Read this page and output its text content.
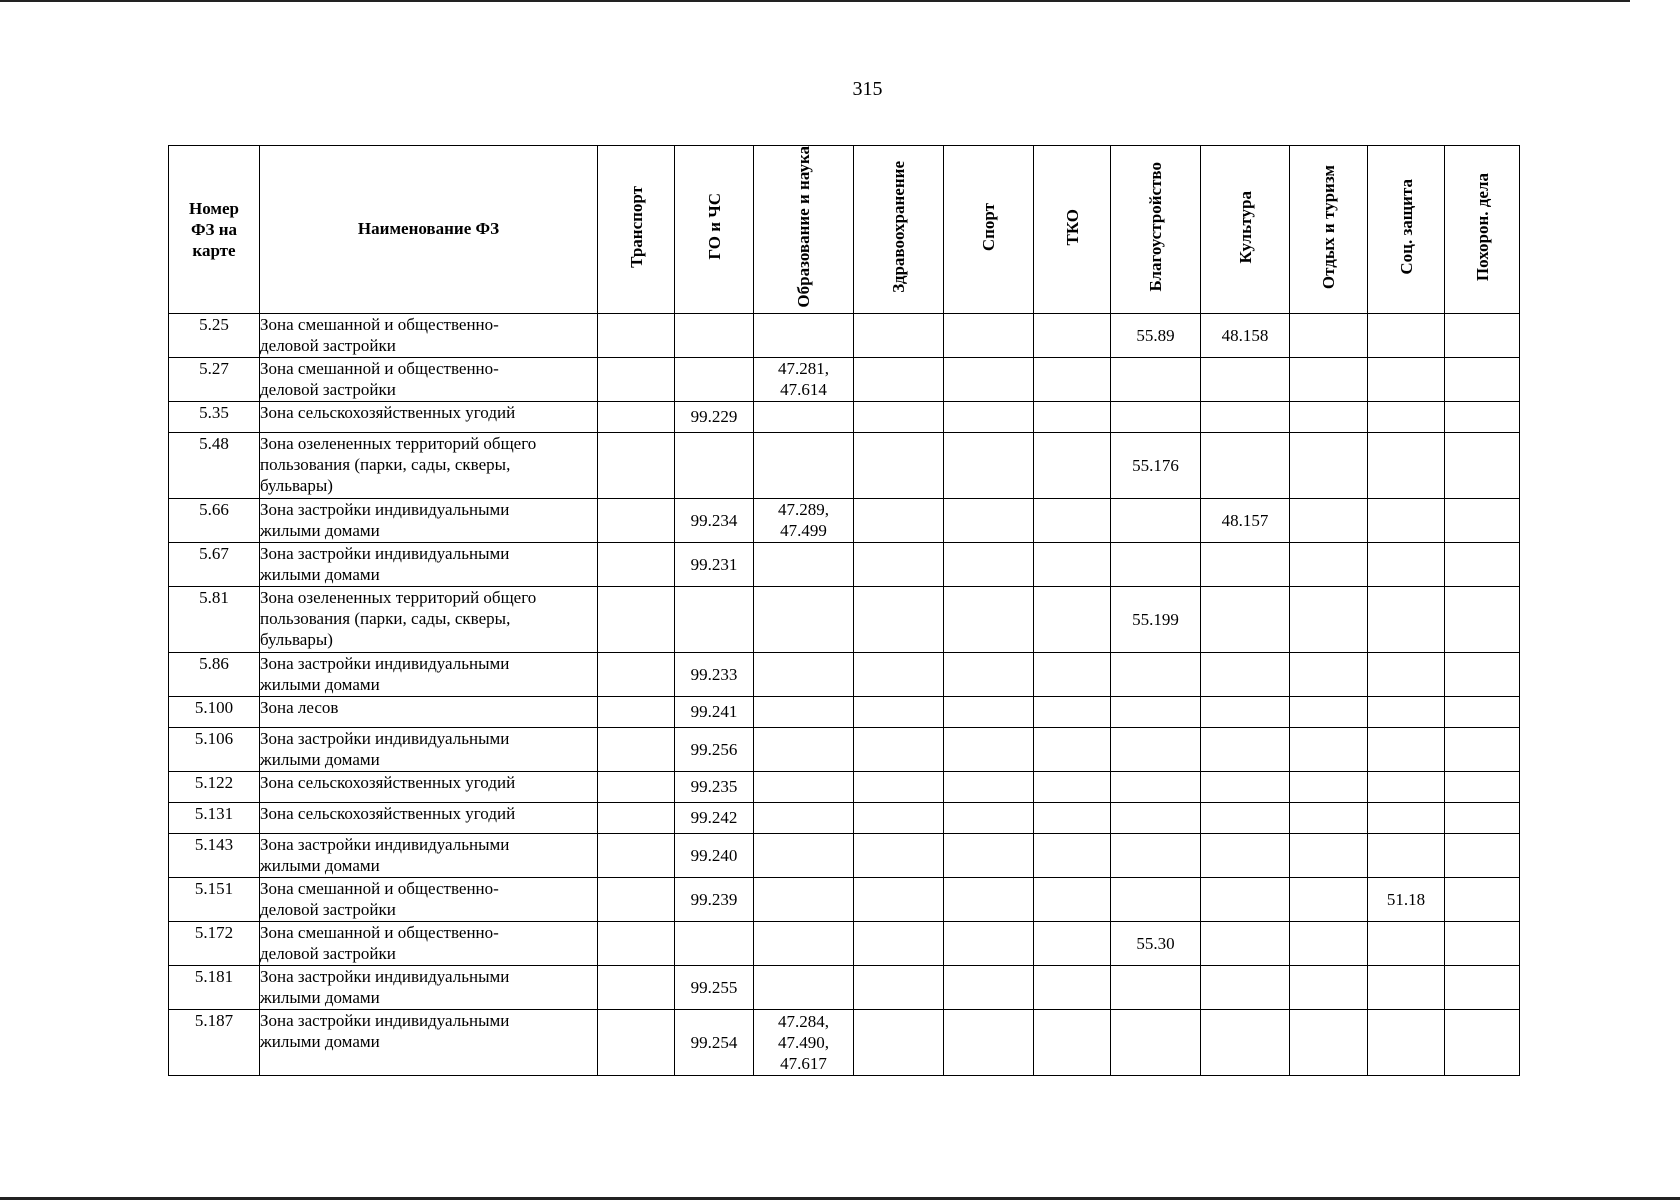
315
Номер
ФЗ на
карте	Наименование ФЗ	Транспорт	ГО и ЧС	Образование и наука	Здравоохранение	Спорт	ТКО	Благоустройство	Культура	Отдых и туризм	Соц. защита	Похорон. дела
5.25	Зона смешанной и общественно-
деловой застройки							55.89	48.158			
5.27	Зона смешанной и общественно-
деловой застройки			47.281,
47.614								
5.35	Зона сельскохозяйственных угодий		99.229									
5.48	Зона озелененных территорий общего
пользования (парки, сады, скверы,
бульвары)							55.176				
5.66	Зона застройки индивидуальными
жилыми домами		99.234	47.289,
47.499					48.157			
5.67	Зона застройки индивидуальными
жилыми домами		99.231									
5.81	Зона озелененных территорий общего
пользования (парки, сады, скверы,
бульвары)							55.199				
5.86	Зона застройки индивидуальными
жилыми домами		99.233									
5.100	Зона лесов		99.241									
5.106	Зона застройки индивидуальными
жилыми домами		99.256									
5.122	Зона сельскохозяйственных угодий		99.235									
5.131	Зона сельскохозяйственных угодий		99.242									
5.143	Зона застройки индивидуальными
жилыми домами		99.240									
5.151	Зона смешанной и общественно-
деловой застройки		99.239								51.18	
5.172	Зона смешанной и общественно-
деловой застройки							55.30				
5.181	Зона застройки индивидуальными
жилыми домами		99.255									
5.187	Зона застройки индивидуальными
жилыми домами		99.254	47.284,
47.490,
47.617								
